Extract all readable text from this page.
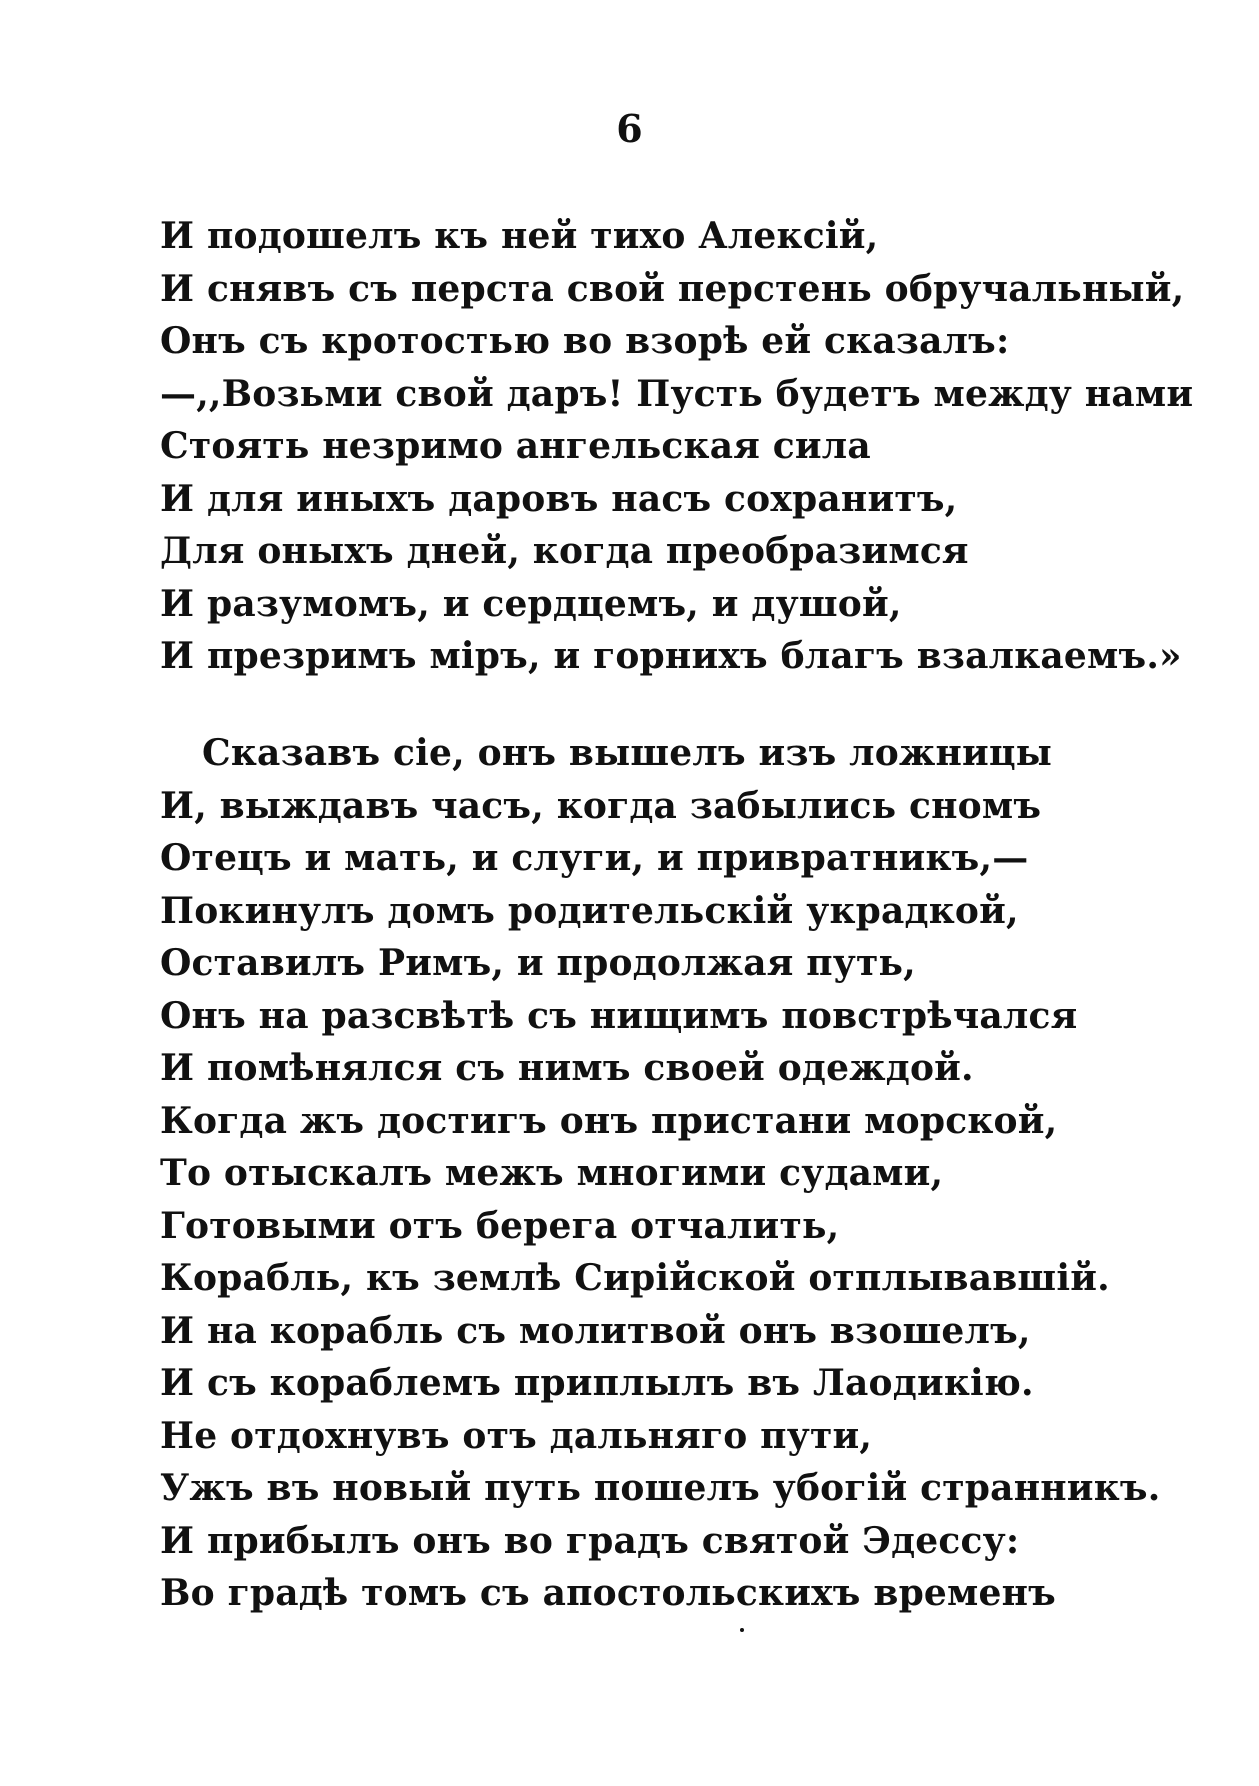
6
И подошелъ къ ней тихо Алексій,
И снявъ съ перста свой перстень обручальный,
Онъ съ кротостью во взорѣ ей сказалъ:
—,,Возьми свой даръ! Пусть будетъ между нами
Стоять незримо ангельская сила
И для иныхъ даровъ насъ сохранитъ,
Для оныхъ дней, когда преобразимся
И разумомъ, и сердцемъ, и душой,
И презримъ міръ, и горнихъ благъ взалкаемъ.»
Сказавъ сіе, онъ вышелъ изъ ложницы
И, выждавъ часъ, когда забылись сномъ
Отецъ и мать, и слуги, и привратникъ,—
Покинулъ домъ родительскій украдкой,
Оставилъ Римъ, и продолжая путь,
Онъ на разсвѣтѣ съ нищимъ повстрѣчался
И помѣнялся съ нимъ своей одеждой.
Когда жъ достигъ онъ пристани морской,
То отыскалъ межъ многими судами,
Готовыми отъ берега отчалить,
Корабль, къ землѣ Сирійской отплывавшій.
И на корабль съ молитвой онъ взошелъ,
И съ кораблемъ приплылъ въ Лаодикію.
Не отдохнувъ отъ дальняго пути,
Ужъ въ новый путь пошелъ убогій странникъ.
И прибылъ онъ во градъ святой Эдессу:
Во градѣ томъ съ апостольскихъ временъ
